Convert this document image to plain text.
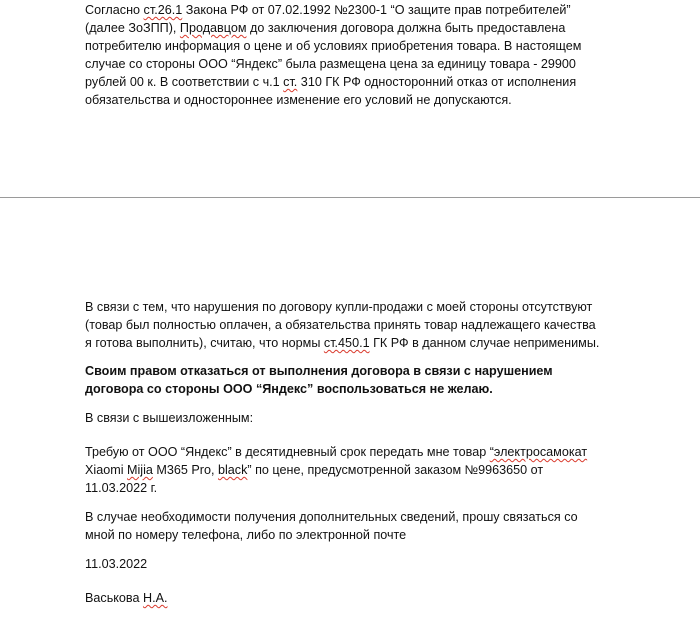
Согласно ст.26.1 Закона РФ от 07.02.1992 №2300-1 “О защите прав потребителей”
(далее ЗоЗПП), Продавцом до заключения договора должна быть предоставлена
потребителю информация о цене и об условиях приобретения товара. В настоящем
случае со стороны ООО “Яндекс” была размещена цена за единицу товара - 29900
рублей 00 к. В соответствии с ч.1 ст. 310 ГК РФ односторонний отказ от исполнения
обязательства и одностороннее изменение его условий не допускаются.

В связи с тем, что нарушения по договору купли-продажи с моей стороны отсутствуют
(товар был полностью оплачен, а обязательства принять товар надлежащего качества
я готова выполнить), считаю, что нормы ст.450.1 ГК РФ в данном случае неприменимы.

Своим правом отказаться от выполнения договора в связи с нарушением
договора со стороны ООО “Яндекс” воспользоваться не желаю.

В связи с вышеизложенным:

Требую от ООО “Яндекс” в десятидневный срок передать мне товар “электросамокат
Xiaomi Mijia M365 Pro, black” по цене, предусмотренной заказом №9963650 от
11.03.2022 г.

В случае необходимости получения дополнительных сведений, прошу связаться со
мной по номеру телефона, либо по электронной почте

11.03.2022

Васькова Н.А.
